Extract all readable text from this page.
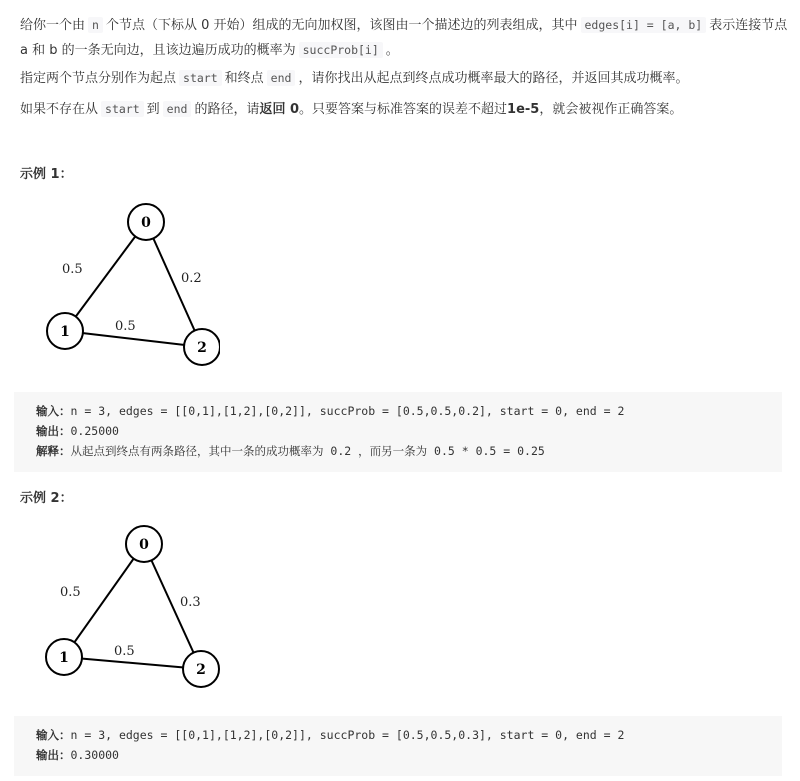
给你一个由 n 个节点（下标从 0 开始）组成的无向加权图，该图由一个描述边的列表组成，其中 edges[i] = [a, b] 表示连接节点 a 和 b 的一条无向边，且该边遍历成功的概率为 succProb[i] 。

指定两个节点分别作为起点 start 和终点 end ，请你找出从起点到终点成功概率最大的路径，并返回其成功概率。

如果不存在从 start 到 end 的路径，请返回 0。只要答案与标准答案的误差不超过1e-5，就会被视作正确答案。

示例 1：
0
1
2
0.5
0.2
0.5
输入：n = 3, edges = [[0,1],[1,2],[0,2]], succProb = [0.5,0.5,0.2], start = 0, end = 2
输出：0.25000
解释：从起点到终点有两条路径，其中一条的成功概率为 0.2 ，而另一条为 0.5 * 0.5 = 0.25
示例 2：
0
1
2
0.5
0.3
0.5
输入：n = 3, edges = [[0,1],[1,2],[0,2]], succProb = [0.5,0.5,0.3], start = 0, end = 2
输出：0.30000
